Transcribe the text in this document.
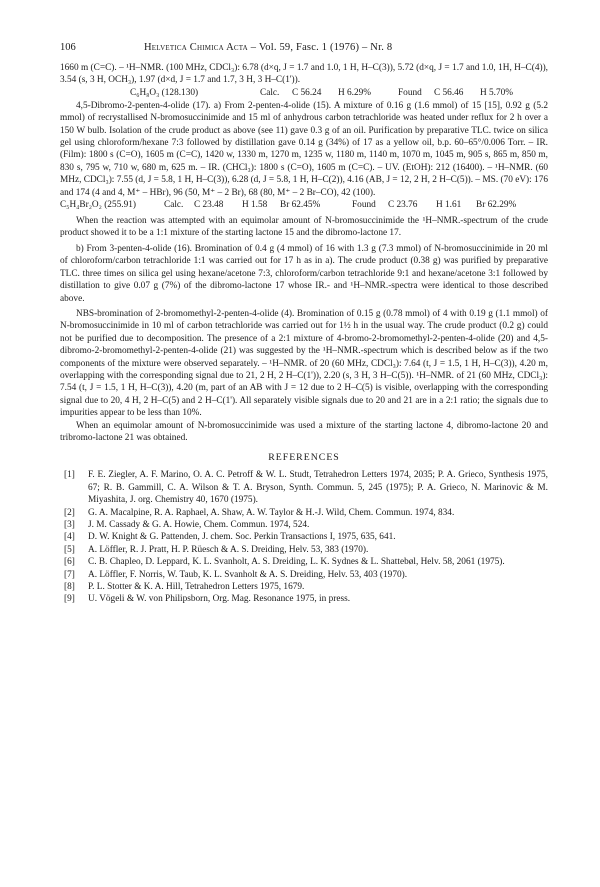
106	Helvetica Chimica Acta – Vol. 59, Fasc. 1 (1976) – Nr. 8

1660 m (C=C). – ¹H–NMR. (100 MHz, CDCl₃): 6.78 (d×q, J = 1.7 and 1.0, 1 H, H–C(3)), 5.72 (d×q, J = 1.7 and 1.0, 1H, H–C(4)), 3.54 (s, 3 H, OCH₃), 1.97 (d×d, J = 1.7 and 1.7, 3 H, 3 H–C(1')).

C₆H₈O₃ (128.130)	Calc. C 56.24 H 6.29%	Found C 56.46 H 5.70%

4,5-Dibromo-2-penten-4-olide (17). a) From 2-penten-4-olide (15). A mixture of 0.16 g (1.6 mmol) of 15 [15], 0.92 g (5.2 mmol) of recrystallised N-bromosuccinimide and 15 ml of anhydrous carbon tetrachloride was heated under reflux for 2 h over a 150 W bulb. Isolation of the crude product as above (see 11) gave 0.3 g of an oil. Purification by preparative TLC. twice on silica gel using chloroform/hexane 7:3 followed by distillation gave 0.14 g (34%) of 17 as a yellow oil, b.p. 60–65°/0.006 Torr. – IR. (Film): 1800 s (C=O), 1605 m (C=C), 1420 w, 1330 m, 1270 m, 1235 w, 1180 m, 1140 m, 1070 m, 1045 m, 905 s, 865 m, 850 m, 830 s, 795 w, 710 w, 680 m, 625 m. – IR. (CHCl₃): 1800 s (C=O), 1605 m (C=C). – UV. (EtOH): 212 (16400). – ¹H–NMR. (60 MHz, CDCl₃): 7.55 (d, J = 5.8, 1 H, H–C(3)), 6.28 (d, J = 5.8, 1 H, H–C(2)), 4.16 (AB, J = 12, 2 H, 2 H–C(5)). – MS. (70 eV): 176 and 174 (4 and 4, M⁺ – HBr), 96 (50, M⁺ – 2 Br), 68 (80, M⁺ – 2 Br–CO), 42 (100).

C₅H₄Br₂O₂ (255.91)	Calc. C 23.48 H 1.58 Br 62.45%	Found C 23.76 H 1.61 Br 62.29%

When the reaction was attempted with an equimolar amount of N-bromosuccinimide the ¹H–NMR.-spectrum of the crude product showed it to be a 1:1 mixture of the starting lactone 15 and the dibromo-lactone 17.

b) From 3-penten-4-olide (16). Bromination of 0.4 g (4 mmol) of 16 with 1.3 g (7.3 mmol) of N-bromosuccinimide in 20 ml of chloroform/carbon tetrachloride 1:1 was carried out for 17 h as in a). The crude product (0.38 g) was purified by preparative TLC. three times on silica gel using hexane/acetone 7:3, chloroform/carbon tetrachloride 9:1 and hexane/acetone 3:1 followed by distillation to give 0.07 g (7%) of the dibromo-lactone 17 whose IR.- and ¹H–NMR.-spectra were identical to those described above.

NBS-bromination of 2-bromomethyl-2-penten-4-olide (4). Bromination of 0.15 g (0.78 mmol) of 4 with 0.19 g (1.1 mmol) of N-bromosuccinimide in 10 ml of carbon tetrachloride was carried out for 1½ h in the usual way. The crude product (0.2 g) could not be purified due to decomposition. The presence of a 2:1 mixture of 4-bromo-2-bromomethyl-2-penten-4-olide (20) and 4,5-dibromo-2-bromomethyl-2-penten-4-olide (21) was suggested by the ¹H–NMR.-spectrum which is described below as if the two components of the mixture were observed separately. – ¹H–NMR. of 20 (60 MHz, CDCl₃): 7.64 (t, J = 1.5, 1 H, H–C(3)), 4.20 m, overlapping with the corresponding signal due to 21, 2 H, 2 H–C(1')), 2.20 (s, 3 H, 3 H–C(5)). ¹H–NMR. of 21 (60 MHz, CDCl₃): 7.54 (t, J = 1.5, 1 H, H–C(3)), 4.20 (m, part of an AB with J = 12 due to 2 H–C(5) is visible, overlapping with the corresponding signal due to 20, 4 H, 2 H–C(5) and 2 H–C(1'). All separately visible signals due to 20 and 21 are in a 2:1 ratio; the signals due to impurities appear to be less than 10%.

When an equimolar amount of N-bromosuccinimide was used a mixture of the starting lactone 4, dibromo-lactone 20 and tribromo-lactone 21 was obtained.

REFERENCES
[1] F. E. Ziegler, A. F. Marino, O. A. C. Petroff & W. L. Studt, Tetrahedron Letters 1974, 2035; P. A. Grieco, Synthesis 1975, 67; R. B. Gammill, C. A. Wilson & T. A. Bryson, Synth. Commun. 5, 245 (1975); P. A. Grieco, N. Marinovic & M. Miyashita, J. org. Chemistry 40, 1670 (1975).
[2] G. A. Macalpine, R. A. Raphael, A. Shaw, A. W. Taylor & H.-J. Wild, Chem. Commun. 1974, 834.
[3] J. M. Cassady & G. A. Howie, Chem. Commun. 1974, 524.
[4] D. W. Knight & G. Pattenden, J. chem. Soc. Perkin Transactions I, 1975, 635, 641.
[5] A. Löffler, R. J. Pratt, H. P. Rüesch & A. S. Dreiding, Helv. 53, 383 (1970).
[6] C. B. Chapleo, D. Leppard, K. L. Svanholt, A. S. Dreiding, L. K. Sydnes & L. Shattebøl, Helv. 58, 2061 (1975).
[7] A. Löffler, F. Norris, W. Taub, K. L. Svanholt & A. S. Dreiding, Helv. 53, 403 (1970).
[8] P. L. Stotter & K. A. Hill, Tetrahedron Letters 1975, 1679.
[9] U. Vögeli & W. von Philipsborn, Org. Mag. Resonance 1975, in press.
